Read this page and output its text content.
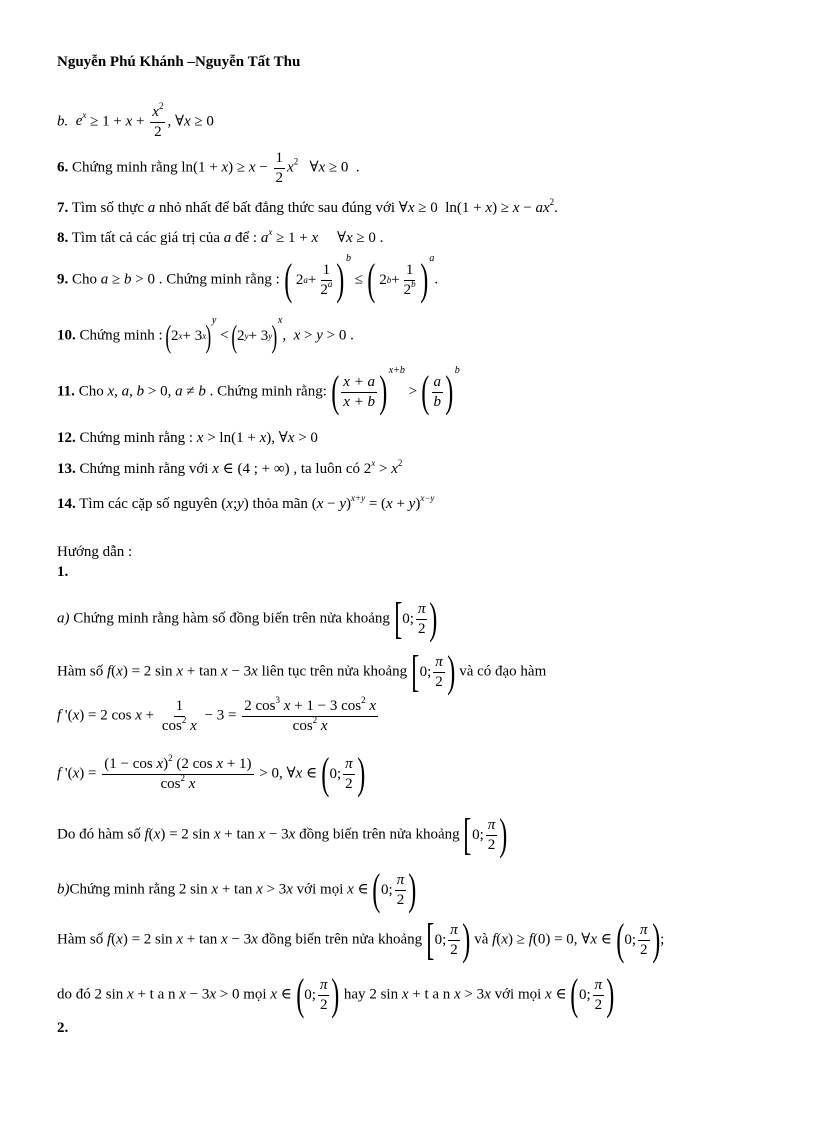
Nguyễn Phú Khánh –Nguyễn Tất Thu
b. $e^x \ge 1 + x + \frac{x^2}{2}$ , ∀x ≥ 0
6. Chứng minh rằng $\ln(1 + x) \ge x - \frac{1}{2} x^2$   ∀x ≥ 0  .
7. Tìm số thực a nhỏ nhất để bất đẳng thức sau đúng với ∀x ≥ 0  $\ln(1 + x) \ge x - ax^2$.
8. Tìm tất cả các giá trị của a để : $a^x \ge 1 + x$     ∀x ≥ 0 .
9. Cho a ≥ b > 0 . Chứng minh rằng : ( 2 $a + \frac{1}{2^a}$ ) b
≤ ( 2 $b + \frac{1}{2^b}$ ) a
.
10. Chứng minh : ( 2 x + 3 x ) y
< ( 2 y + 3 y ) x
,  x > y > 0 .
11. Cho x, a, b > 0, a ≠ b . Chứng minh rằng: ( $\frac{x + a}{x + b}$ ) x+b
> ( $\frac{a}{b}$ ) b
12. Chứng minh rằng : x > ln(1 + x), ∀x > 0
13. Chứng minh rằng với x ∈ (4 ; + ∞) , ta luôn có $2^x > x^2$
14. Tìm các cặp số nguyên (x;y) thỏa mãn $(x - y)^{x+y} = (x + y)^{x-y}$
Hướng dẫn :
1.
a) Chứng minh rằng hàm số đồng biến trên nửa khoảng [ 0; $\frac{\pi}{2}$ )
Hàm số f(x) = 2 sin x + tan x − 3x liên tục trên nửa khoảng [ 0; $\frac{\pi}{2}$ ) và có đạo hàm
f '(x) = 2 $\cos x + \frac{1}{\cos^2 x} - 3 = \frac{2 \cos^3 x + 1 - 3 \cos^2 x}{\cos^2 x}$
f '$(x) = \frac{(1 - \cos x)^2 (2 \cos x + 1)}{\cos^2 x} > 0$, ∀x ∈ ( 0; $\frac{\pi}{2}$ )
Do đó hàm số f(x) = 2 sin x + tan x − 3x đồng biến trên nửa khoảng [ 0; $\frac{\pi}{2}$ )
b)Chứng minh rằng 2 sin x + tan x > 3x với mọi x ∈ ( 0; $\frac{\pi}{2}$ )
Hàm số f(x) = 2 sin x + tan x − 3x đồng biến trên nửa khoảng [ 0; $\frac{\pi}{2}$ ) và f(x) ≥ f(0) = 0, ∀x ∈ ( 0; $\frac{\pi}{2}$ ) ;
do đó 2 sin x + t a n x − 3x > 0 mọi x ∈ ( 0; $\frac{\pi}{2}$ ) hay 2 sin x + t a n x > 3x với mọi x ∈ ( 0; $\frac{\pi}{2}$ )
2.
